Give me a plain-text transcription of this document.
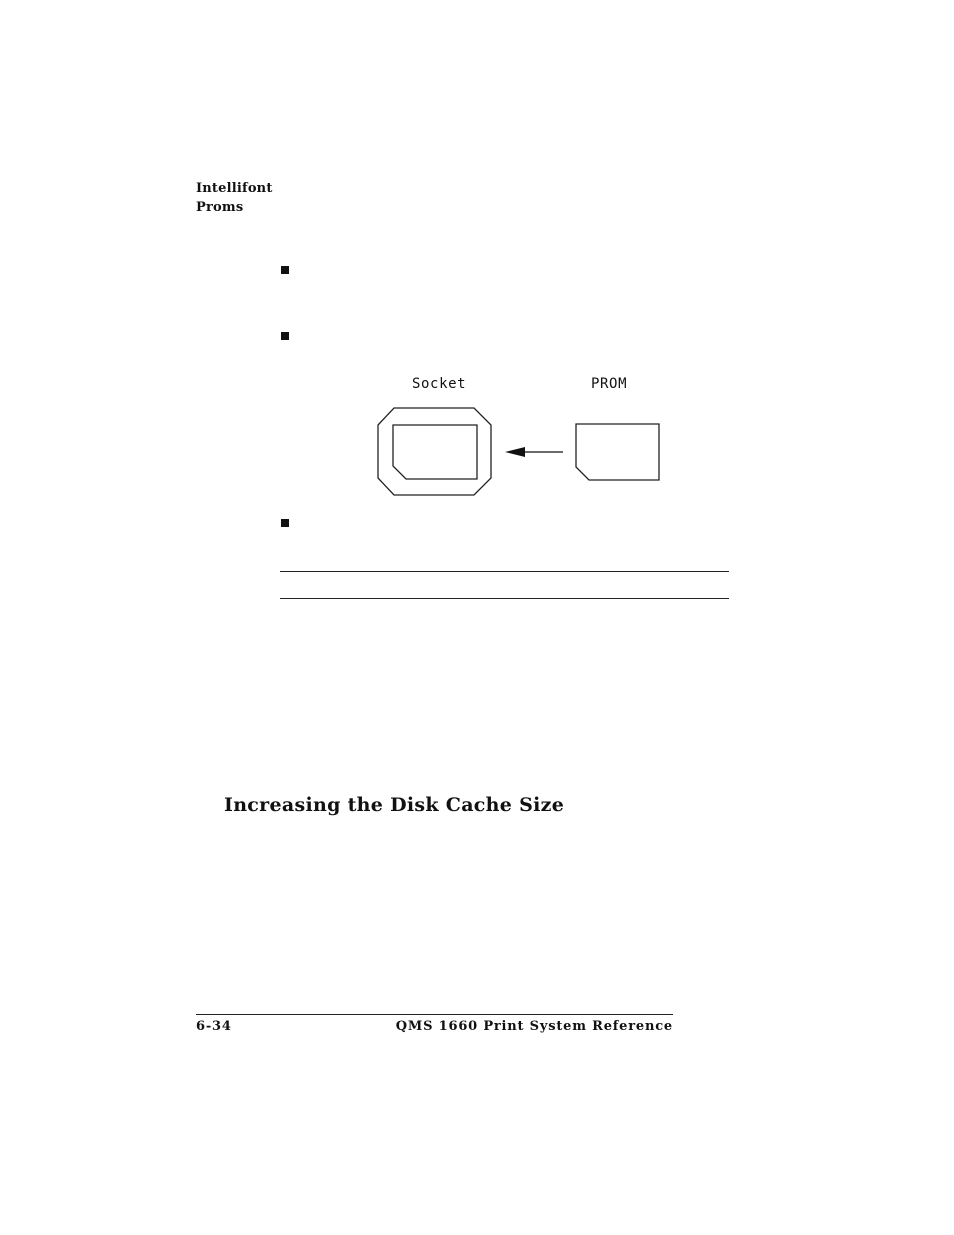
Intellifont
Proms
Socket	PROM
Increasing the Disk Cache Size
6-34	QMS 1660 Print System Reference
